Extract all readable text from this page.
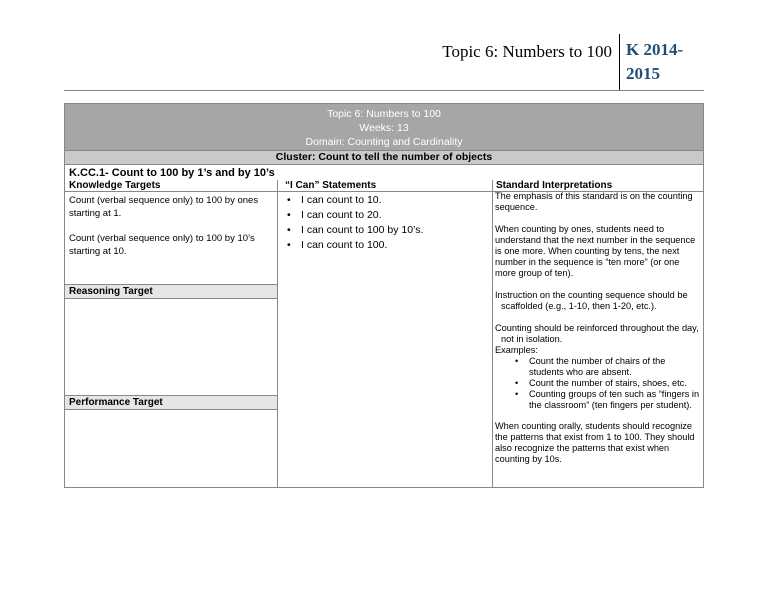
Topic 6: Numbers to 100 K 2014-
2015
Topic 6: Numbers to 100
Weeks: 13
Domain: Counting and Cardinality
Cluster: Count to tell the number of objects
K.CC.1- Count to 100 by 1’s and by 10’s
Knowledge Targets	“I Can” Statements	Standard Interpretations

Count (verbal sequence only) to 100 by ones starting at 1.

Count (verbal sequence only) to 100 by 10’s starting at 10.

Reasoning Target
Performance Target
• I can count to 10.
• I can count to 20.
• I can count to 100 by 10’s.
• I can count to 100.

The emphasis of this standard is on the counting sequence.

When counting by ones, students need to understand that the next number in the sequence is one more. When counting by tens, the next number in the sequence is “ten more” (or one more group of ten).

Instruction on the counting sequence should be scaffolded (e.g., 1-10, then 1-20, etc.).

Counting should be reinforced throughout the day, not in isolation.

Examples:

• Count the number of chairs of the students who are absent.
• Count the number of stairs, shoes, etc.
• Counting groups of ten such as “fingers in the classroom” (ten fingers per student).

When counting orally, students should recognize the patterns that exist from 1 to 100. They should also recognize the patterns that exist when counting by 10s.
